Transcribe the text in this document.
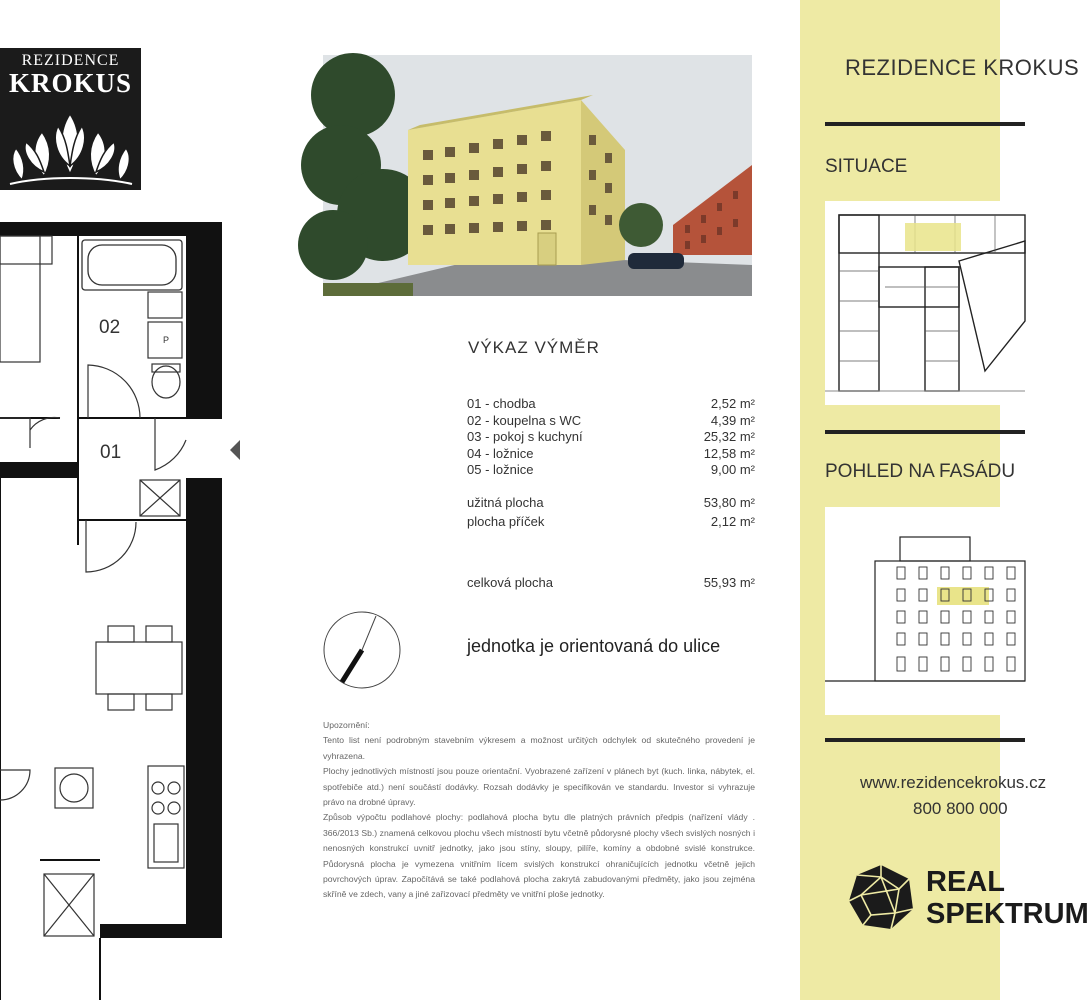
REZIDENCE
KROKUS
P
02
01
VÝKAZ VÝMĚR
01 - chodba	2,52 m²
02 - koupelna s WC	4,39 m²
03 - pokoj s kuchyní	25,32 m²
04 - ložnice	12,58 m²
05 - ložnice	9,00 m²
užitná plocha	53,80 m²
plocha příček	2,12 m²
celková plocha	55,93 m²
jednotka je orientovaná do ulice

Upozornění:

Tento list není podrobným stavebním výkresem a možnost určitých odchylek od skutečného provedení je vyhrazena.

Plochy jednotlivých místností jsou pouze orientační. Vyobrazené zařízení v plánech byt (kuch. linka, nábytek, el. spotřebiče atd.) není součástí dodávky. Rozsah dodávky je specifikován ve standardu. Investor si vyhrazuje právo na drobné úpravy.

Způsob výpočtu podlahové plochy: podlahová plocha bytu dle platných právních předpis (nařízení vlády . 366/2013 Sb.) znamená celkovou plochu všech místností bytu včetně půdorysné plochy všech svislých nosných i nenosných konstrukcí uvnitř jednotky, jako jsou stíny, sloupy, pilíře, komíny a obdobné svislé konstrukce. Půdorysná plocha je vymezena vnitřním lícem svislých konstrukcí ohraničujících jednotku včetně jejich povrchových úprav. Započítává se také podlahová plocha zakrytá zabudovanými předměty, jako jsou zejména skříně ve zdech, vany a jiné zařizovací předměty ve vnitřní ploše jednotky.

REZIDENCE KROKUS
SITUACE
POHLED NA FASÁDU
www.rezidencekrokus.cz
800 800 000
REAL
SPEKTRUM
